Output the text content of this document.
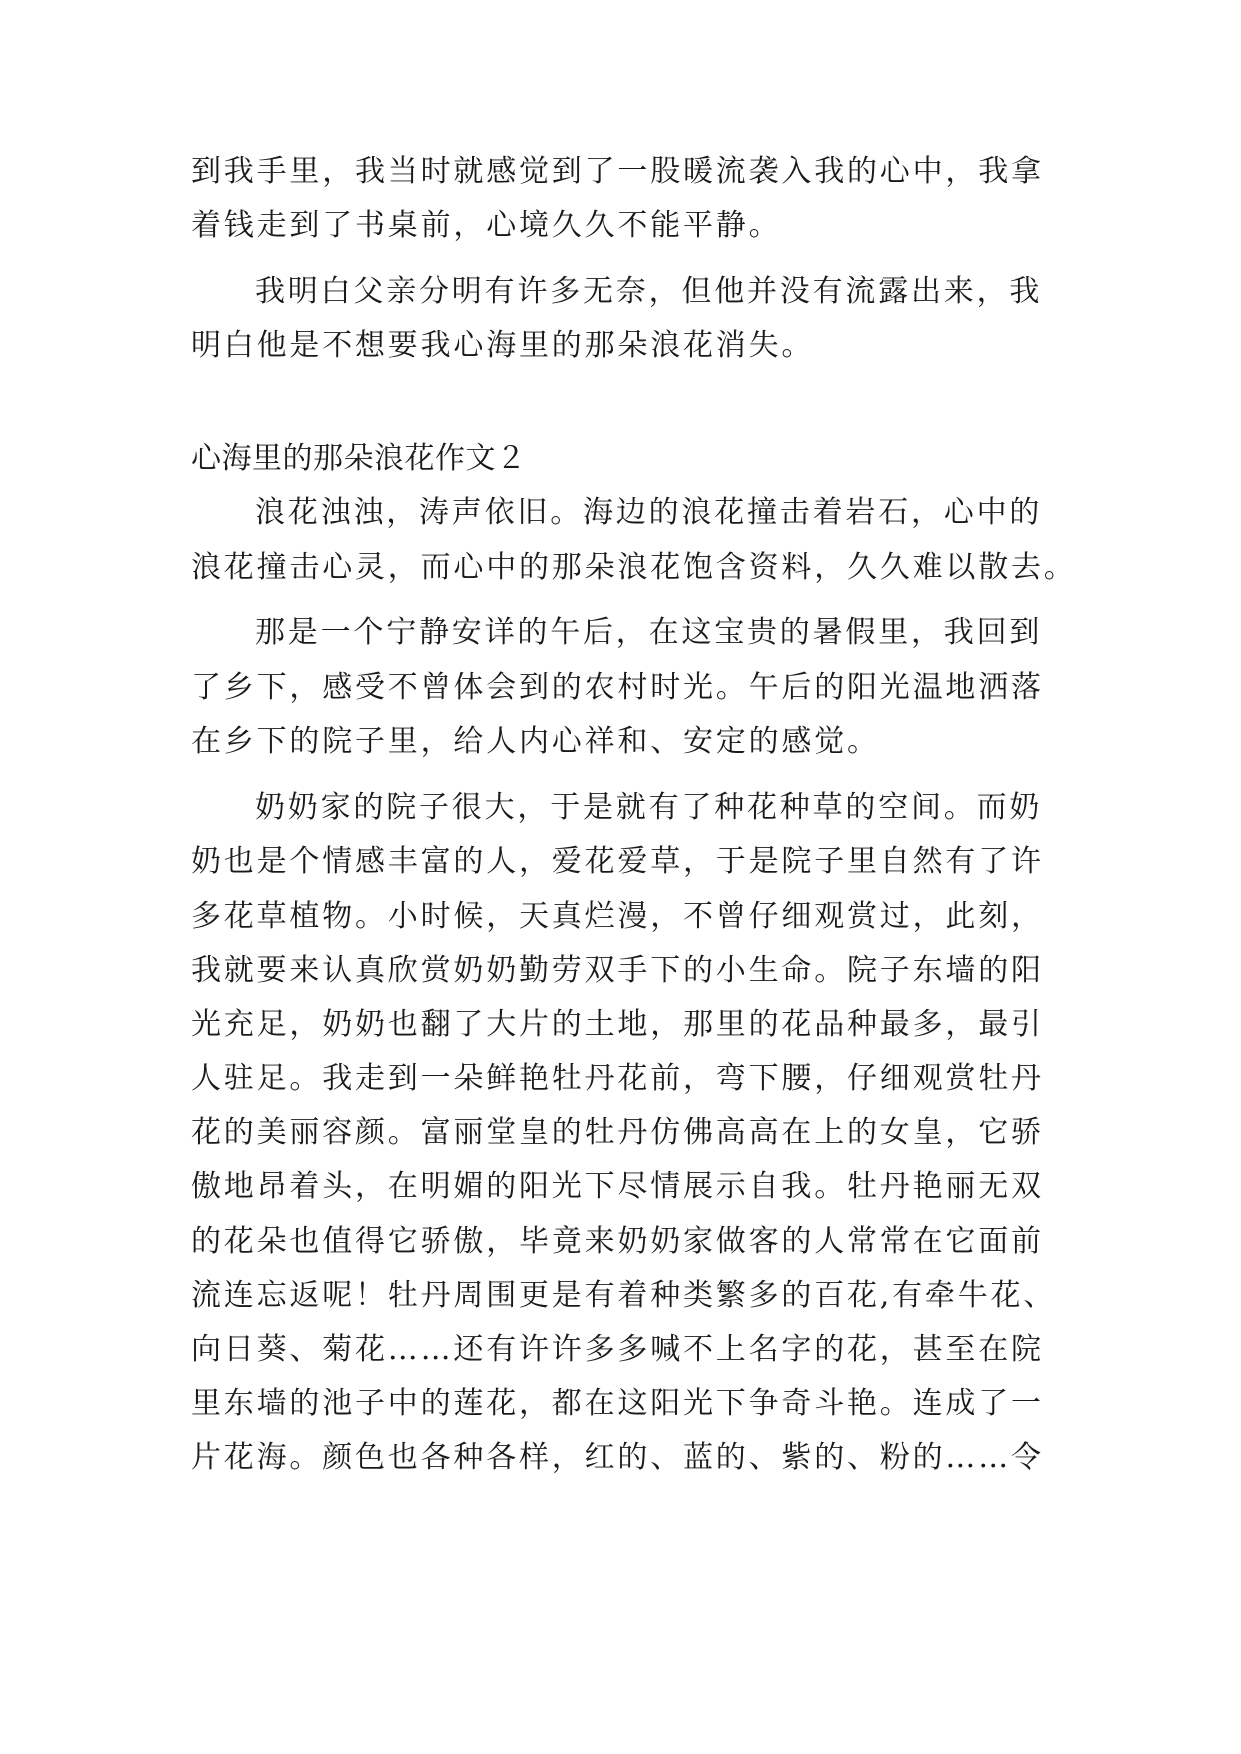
到我手里，我当时就感觉到了一股暖流袭入我的心中，我拿
着钱走到了书桌前，心境久久不能平静。
我明白父亲分明有许多无奈，但他并没有流露出来，我
明白他是不想要我心海里的那朵浪花消失。
心海里的那朵浪花作文２
浪花浊浊，涛声依旧。海边的浪花撞击着岩石，心中的
浪花撞击心灵，而心中的那朵浪花饱含资料，久久难以散去。
那是一个宁静安详的午后，在这宝贵的暑假里，我回到
了乡下，感受不曾体会到的农村时光。午后的阳光温地洒落
在乡下的院子里，给人内心祥和、安定的感觉。
奶奶家的院子很大，于是就有了种花种草的空间。而奶
奶也是个情感丰富的人，爱花爱草，于是院子里自然有了许
多花草植物。小时候，天真烂漫，不曾仔细观赏过，此刻，
我就要来认真欣赏奶奶勤劳双手下的小生命。院子东墙的阳
光充足，奶奶也翻了大片的土地，那里的花品种最多，最引
人驻足。我走到一朵鲜艳牡丹花前，弯下腰，仔细观赏牡丹
花的美丽容颜。富丽堂皇的牡丹仿佛高高在上的女皇，它骄
傲地昂着头，在明媚的阳光下尽情展示自我。牡丹艳丽无双
的花朵也值得它骄傲，毕竟来奶奶家做客的人常常在它面前
流连忘返呢！牡丹周围更是有着种类繁多的百花,有牵牛花、
向日葵、菊花……还有许许多多喊不上名字的花，甚至在院
里东墙的池子中的莲花，都在这阳光下争奇斗艳。连成了一
片花海。颜色也各种各样，红的、蓝的、紫的、粉的……令
